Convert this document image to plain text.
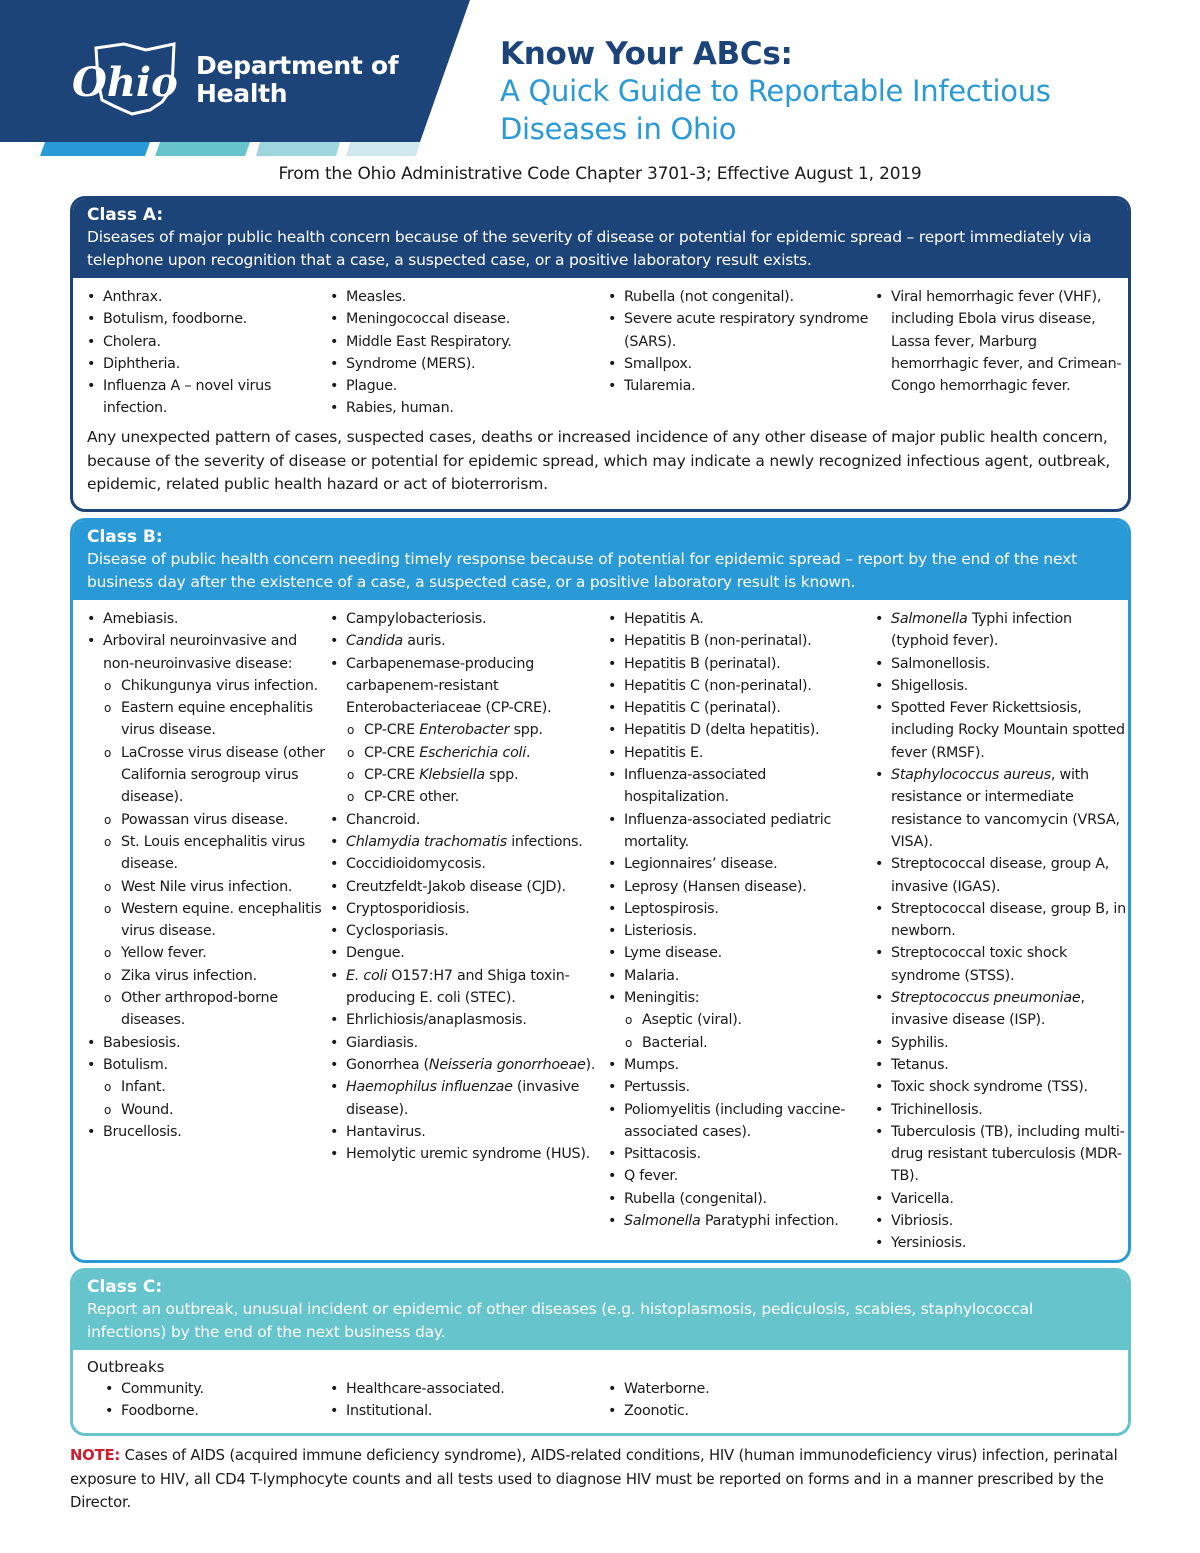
Ohio Department of Health
Know Your ABCs:
A Quick Guide to Reportable Infectious
Diseases in Ohio
From the Ohio Administrative Code Chapter 3701-3; Effective August 1, 2019
Class A:
Diseases of major public health concern because of the severity of disease or potential for epidemic spread – report immediately via telephone upon recognition that a case, a suspected case, or a positive laboratory result exists.
• Anthrax.
• Botulism, foodborne.
• Cholera.
• Diphtheria.
• Influenza A – novel virus infection.
• Measles.
• Meningococcal disease.
• Middle East Respiratory.
• Syndrome (MERS).
• Plague.
• Rabies, human.
• Rubella (not congenital).
• Severe acute respiratory syndrome (SARS).
• Smallpox.
• Tularemia.
• Viral hemorrhagic fever (VHF), including Ebola virus disease, Lassa fever, Marburg hemorrhagic fever, and Crimean-Congo hemorrhagic fever.
Any unexpected pattern of cases, suspected cases, deaths or increased incidence of any other disease of major public health concern, because of the severity of disease or potential for epidemic spread, which may indicate a newly recognized infectious agent, outbreak, epidemic, related public health hazard or act of bioterrorism.
Class B:
Disease of public health concern needing timely response because of potential for epidemic spread – report by the end of the next business day after the existence of a case, a suspected case, or a positive laboratory result is known.
• Amebiasis.
• Arboviral neuroinvasive and non-neuroinvasive disease:
o Chikungunya virus infection.
o Eastern equine encephalitis virus disease.
o LaCrosse virus disease (other California serogroup virus disease).
o Powassan virus disease.
o St. Louis encephalitis virus disease.
o West Nile virus infection.
o Western equine. encephalitis virus disease.
o Yellow fever.
o Zika virus infection.
o Other arthropod-borne diseases.
• Babesiosis.
• Botulism.
o Infant.
o Wound.
• Brucellosis.
• Campylobacteriosis.
• Candida auris.
• Carbapenemase-producing carbapenem-resistant Enterobacteriaceae (CP-CRE).
o CP-CRE Enterobacter spp.
o CP-CRE Escherichia coli.
o CP-CRE Klebsiella spp.
o CP-CRE other.
• Chancroid.
• Chlamydia trachomatis infections.
• Coccidioidomycosis.
• Creutzfeldt-Jakob disease (CJD).
• Cryptosporidiosis.
• Cyclosporiasis.
• Dengue.
• E. coli O157:H7 and Shiga toxin-producing E. coli (STEC).
• Ehrlichiosis/anaplasmosis.
• Giardiasis.
• Gonorrhea (Neisseria gonorrhoeae).
• Haemophilus influenzae (invasive disease).
• Hantavirus.
• Hemolytic uremic syndrome (HUS).
• Hepatitis A.
• Hepatitis B (non-perinatal).
• Hepatitis B (perinatal).
• Hepatitis C (non-perinatal).
• Hepatitis C (perinatal).
• Hepatitis D (delta hepatitis).
• Hepatitis E.
• Influenza-associated hospitalization.
• Influenza-associated pediatric mortality.
• Legionnaires’ disease.
• Leprosy (Hansen disease).
• Leptospirosis.
• Listeriosis.
• Lyme disease.
• Malaria.
• Meningitis:
o Aseptic (viral).
o Bacterial.
• Mumps.
• Pertussis.
• Poliomyelitis (including vaccine-associated cases).
• Psittacosis.
• Q fever.
• Rubella (congenital).
• Salmonella Paratyphi infection.
• Salmonella Typhi infection (typhoid fever).
• Salmonellosis.
• Shigellosis.
• Spotted Fever Rickettsiosis, including Rocky Mountain spotted fever (RMSF).
• Staphylococcus aureus, with resistance or intermediate resistance to vancomycin (VRSA, VISA).
• Streptococcal disease, group A, invasive (IGAS).
• Streptococcal disease, group B, in newborn.
• Streptococcal toxic shock syndrome (STSS).
• Streptococcus pneumoniae, invasive disease (ISP).
• Syphilis.
• Tetanus.
• Toxic shock syndrome (TSS).
• Trichinellosis.
• Tuberculosis (TB), including multi-drug resistant tuberculosis (MDR-TB).
• Varicella.
• Vibriosis.
• Yersiniosis.
Class C:
Report an outbreak, unusual incident or epidemic of other diseases (e.g. histoplasmosis, pediculosis, scabies, staphylococcal infections) by the end of the next business day.
Outbreaks
• Community.
• Foodborne.
• Healthcare-associated.
• Institutional.
• Waterborne.
• Zoonotic.
NOTE: Cases of AIDS (acquired immune deficiency syndrome), AIDS-related conditions, HIV (human immunodeficiency virus) infection, perinatal exposure to HIV, all CD4 T-lymphocyte counts and all tests used to diagnose HIV must be reported on forms and in a manner prescribed by the Director.
